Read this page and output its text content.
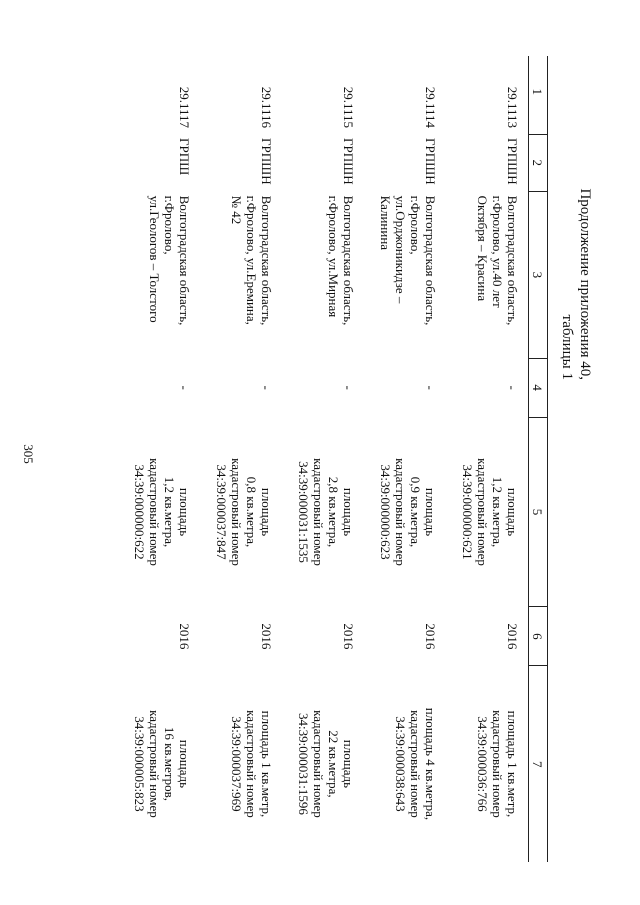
305
Продолжение приложения 40,
таблицы 1
1	2	3	4	5	6	7
29.1113	ГРПШН	Волгоградская область,
г.Фролово, ул.40 лет
Октября – Красина	-	площадь
1,2 кв.метра,
кадастровый номер
34:39:000000:621	2016	площадь 1 кв.метр,
кадастровый номер
34:39:000036:766
29.1114	ГРПШН	Волгоградская область,
г.Фролово,
ул.Орджоникидзе –
Калинина	-	площадь
0,9 кв.метра,
кадастровый номер
34:39:000000:623	2016	площадь 4 кв.метра,
кадастровый номер
34:39:000038:643
29.1115	ГРПШН	Волгоградская область,
г.Фролово, ул.Мирная	-	площадь
2,8 кв.метра,
кадастровый номер
34:39:000031:1535	2016	площадь
22 кв.метра,
кадастровый номер
34:39:000031:1596
29.1116	ГРПШН	Волгоградская область,
г.Фролово, ул.Еремина,
№ 42	-	площадь
0,8 кв.метра,
кадастровый номер
34:39:000037:847	2016	площадь 1 кв.метр,
кадастровый номер
34:39:000037:969
29.1117	ГРПШ	Волгоградская область,
г.Фролово,
ул.Геологов – Толстого	-	площадь
1,2 кв.метра,
кадастровый номер
34:39:000000:622	2016	площадь
16 кв.метров,
кадастровый номер
34:39:000005:823
